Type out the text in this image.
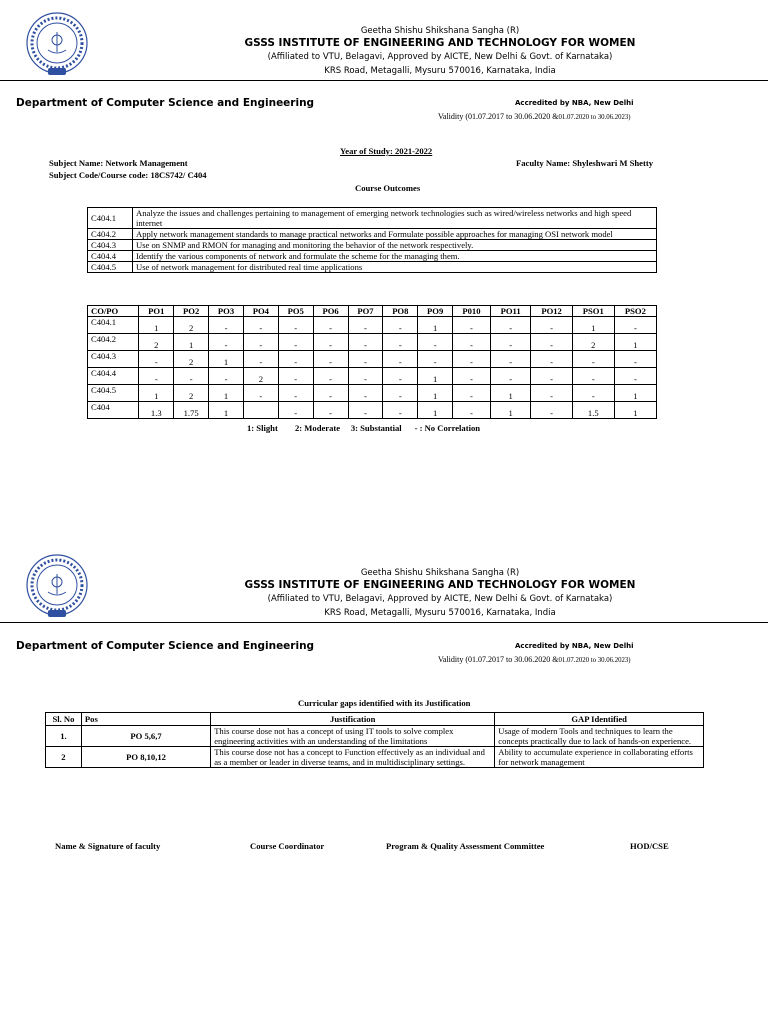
Geetha Shishu Shikshana Sangha (R)
GSSS INSTITUTE OF ENGINEERING AND TECHNOLOGY FOR WOMEN
(Affiliated to VTU, Belagavi, Approved by AICTE, New Delhi & Govt. of Karnataka)
KRS Road, Metagalli, Mysuru 570016, Karnataka, India
Department of Computer Science and Engineering	Accredited by NBA, New Delhi
Validity (01.07.2017 to 30.06.2020 &01.07.2020 to 30.06.2023)
Year of Study: 2021-2022
Subject Name: Network Management	Faculty Name: Shyleshwari M Shetty
Subject Code/Course code: 18CS742/ C404
Course Outcomes
C404.1	Analyze the issues and challenges pertaining to management of emerging network technologies such as wired/wireless networks and high speed internet
C404.2	Apply network management standards to manage practical networks and Formulate possible approaches for managing OSI network model
C404.3	Use on SNMP and RMON for managing and monitoring the behavior of the network respectively.
C404.4	Identify the various components of network and formulate the scheme for the managing them.
C404.5	Use of network management for distributed real time applications
CO/PO	PO1	PO2	PO3	PO4	PO5	PO6	PO7	PO8	PO9	P010	PO11	PO12	PSO1	PSO2
C404.1	1	2	-	-	-	-	-	-	1	-	-	-	1	-
C404.2	2	1	-	-	-	-	-	-	-	-	-	-	2	1
C404.3	-	2	1	-	-	-	-	-	-	-	-	-	-	-
C404.4	-	-	-	2	-	-	-	-	1	-	-	-	-	-
C404.5	1	2	1	-	-	-	-	-	1	-	1	-	-	1
C404	1.3	1.75	1		-	-	-	-	1	-	1	-	1.5	1
1: Slight        2: Moderate     3: Substantial      - : No Correlation
Geetha Shishu Shikshana Sangha (R)
GSSS INSTITUTE OF ENGINEERING AND TECHNOLOGY FOR WOMEN
(Affiliated to VTU, Belagavi, Approved by AICTE, New Delhi & Govt. of Karnataka)
KRS Road, Metagalli, Mysuru 570016, Karnataka, India
Department of Computer Science and Engineering	Accredited by NBA, New Delhi
Validity (01.07.2017 to 30.06.2020 &01.07.2020 to 30.06.2023)
Curricular gaps identified with its Justification
Sl. No	Pos	Justification	GAP Identified
1.	PO 5,6,7	This course dose not has a concept of using IT tools to solve complex engineering activities with an understanding of the limitations	Usage of modern Tools and techniques to learn the concepts practically due to lack of hands-on experience.
2	PO 8,10,12	This course dose not has a concept to Function effectively as an individual and as a member or leader in diverse teams, and in multidisciplinary settings.	Ability to accumulate experience in collaborating efforts for network management
Name & Signature of faculty	Course Coordinator	Program & Quality Assessment Committee	HOD/CSE
